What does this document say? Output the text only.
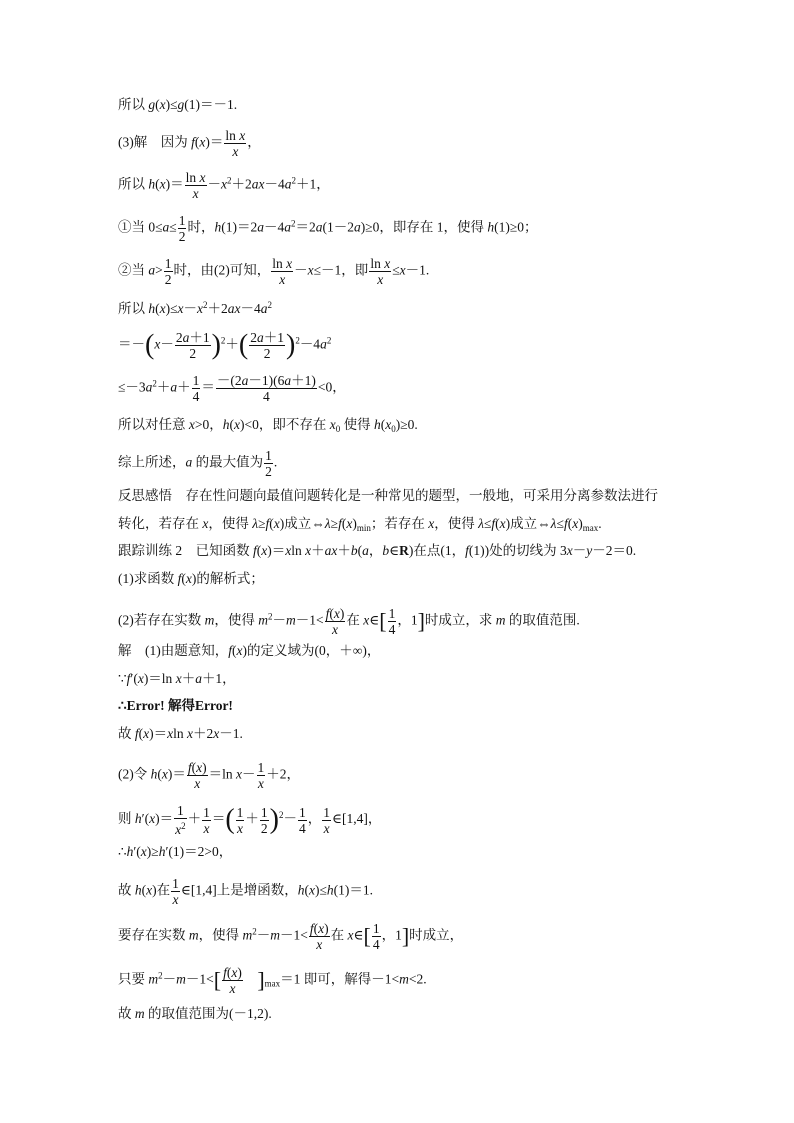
所以 g(x)≤g(1)＝－1.
(3)解　因为 $f(x)= \frac{\text{ln x}}{x}$ ，
所以 $h(x)= \frac{\text{ln x}}{x} -x^2+2ax-4a^2+1$，
①当 $0\le a\le \frac{1}{2}$ 时，$h(1)=2a-4a^2=2a(1-2a)\ge 0$，即存在 1，使得 h(1)≥0；
②当 $a> \frac{1}{2}$ 时，由(2)可知， $\frac{\text{ln x}}{x} -x\le-1$，即 $\frac{\text{ln x}}{x} \le x-1$.
所以 $h(x)\le x-x^2+2ax-4a^2$
$=-(x- \frac{2a+1}{2} )^2+( \frac{2a+1}{2} )^2-4a^2$
$\le-3a^2+a+ \frac{1}{4} = \frac{-(2a-1)(6a+1)}{4} <0$，
所以对任意 x>0，h(x)<0，即不存在 $x_0$ 使得 $h(x_0)\ge 0$.
综上所述，a 的最大值为 $\frac{1}{2}$ .
反思感悟　存在性问题向最值问题转化是一种常见的题型，一般地，可采用分离参数法进行
转化，若存在 x，使得 λ≥f(x)成立$\Leftrightarrow\lambda\ge f(x)_{min}$；若存在 x，使得 λ≤f(x)成立$\Leftrightarrow\lambda\le f(x)_{max}$.
跟踪训练 2　已知函数 f(x)＝xln x＋ax＋b(a，b∈R)在点(1，f(1))处的切线为 3x－y－2＝0.
(1)求函数 f(x)的解析式；
(2)若存在实数 m，使得 $m^2-m-1< \frac{f(x)}{x}$ 在 x∈[ $\frac{1}{4}$ ，1]时成立，求 m 的取值范围.
解　(1)由题意知，f(x)的定义域为(0，＋∞)，
∵f′(x)＝ln x＋a＋1，
∴Error! 解得Error!
故 f(x)＝xln x＋2x－1.
(2)令 $h(x)= \frac{f(x)}{x} =\ln$ $x- \frac{1}{x} +2$，
则 $h'(x)= \frac{1}{x^2} + \frac{1}{x}$ ＝( $\frac{1}{x} + \frac{1}{2} )^2- \frac{1}{4}$ ， $\frac{1}{x}$ ∈[1,4]，
∴h′(x)≥h′(1)＝2>0，
故 h(x)在 $\frac{1}{x}$ ∈[1,4]上是增函数，h(x)≤h(1)＝1.
要存在实数 m，使得 $m^2-m-1< \frac{f(x)}{x}$ 在 x∈[ $\frac{1}{4}$ ，1]时成立，
只要 $m^2-m-1<[ \frac{f(x)}{x} ]_{max}=1$ 即可，解得－1<m<2.
故 m 的取值范围为(－1,2).
